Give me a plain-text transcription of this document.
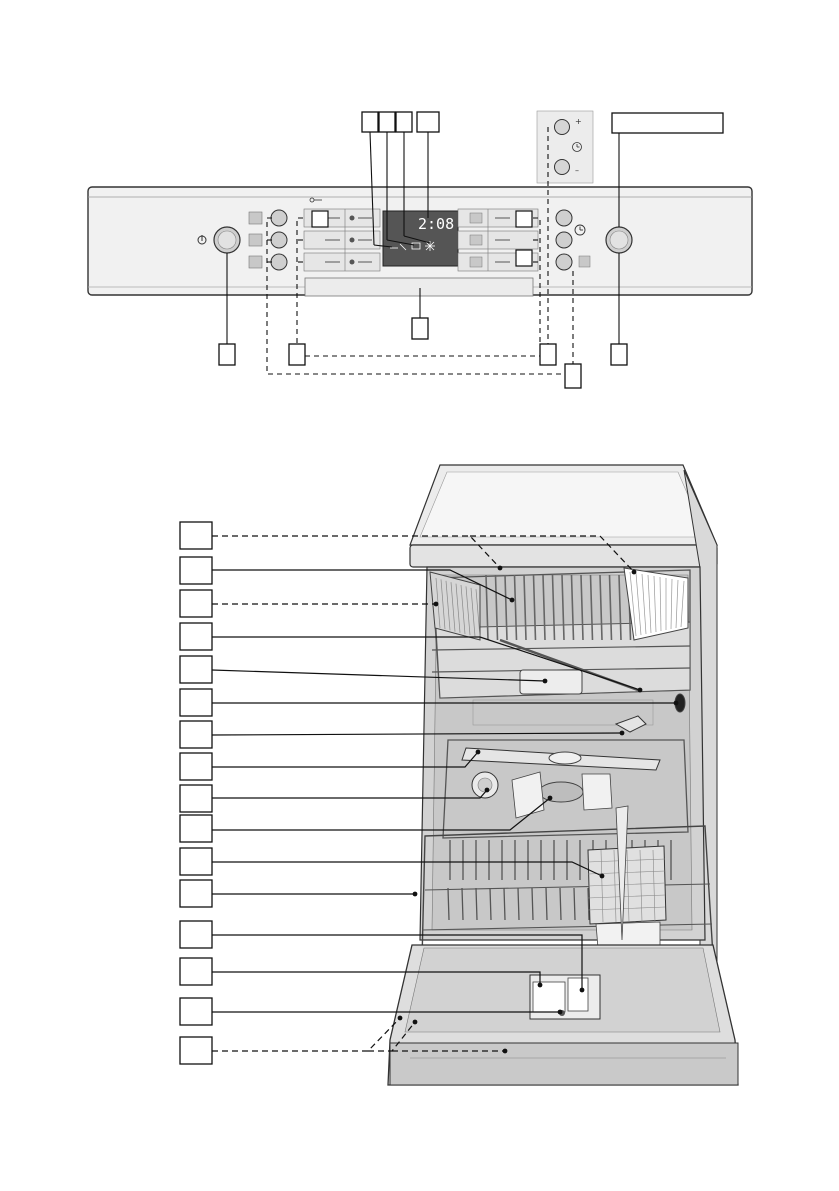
2:08
+
–
